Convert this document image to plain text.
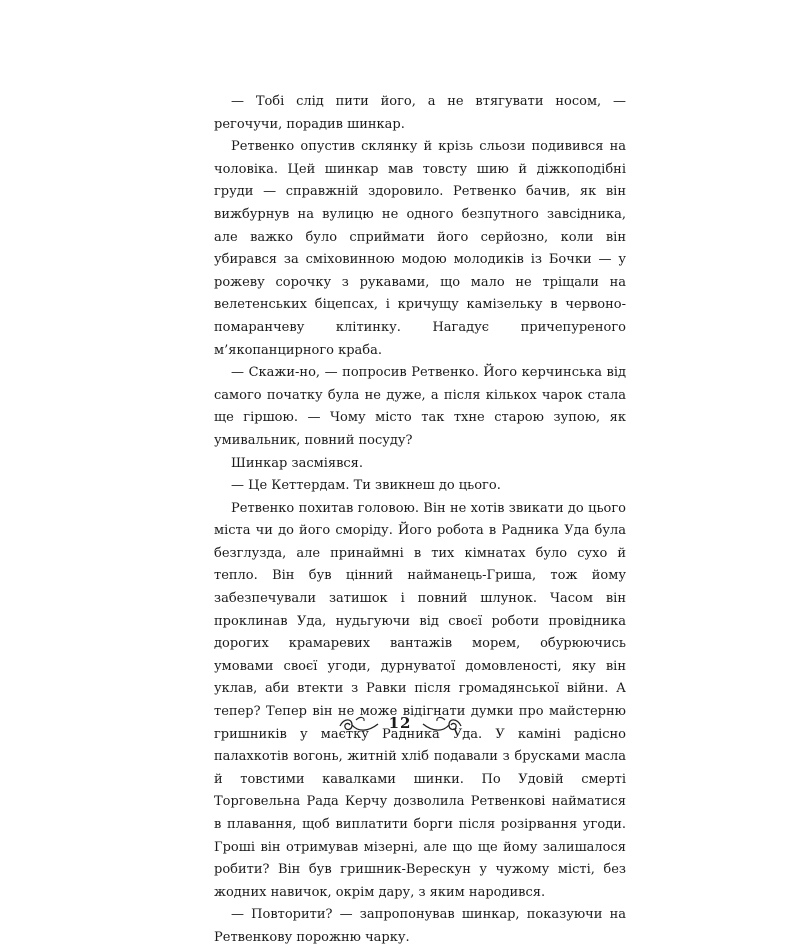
— Тобі слід пити його, а не втягувати носом, — регочучи, порадив шинкар.

Ретвенко опустив склянку й крізь сльози подивився на чоловіка. Цей шинкар мав товсту шию й діжкоподібні груди — справжній здоровило. Ретвенко бачив, як він вижбурнув на вулицю не одного безпутного завсідника, але важко було сприймати його серйозно, коли він убирався за сміховинною модою молодиків із Бочки — у рожеву сорочку з рукавами, що мало не тріщали на велетенських біцепсах, і кричущу камізельку в червоно-помаранчеву клітинку. Нагадує причепуреного м’якопанцирного краба.

— Скажи-но, — попросив Ретвенко. Його керчинська від самого початку була не дуже, а після кількох чарок стала ще гіршою. — Чому місто так тхне старою зупою, як умивальник, повний посуду?

Шинкар засміявся.

— Це Кеттердам. Ти звикнеш до цього.

Ретвенко похитав головою. Він не хотів звикати до цього міста чи до його сморіду. Його робота в Радника Уда була безглузда, але принаймні в тих кімнатах було сухо й тепло. Він був цінний найманець-Гриша, тож йому забезпечували затишок і повний шлунок. Часом він проклинав Уда, нудьгуючи від своєї роботи провідника дорогих крамаревих вантажів морем, обурюючись умовами своєї угоди, дурнуватої домовленості, яку він уклав, аби втекти з Равки після громадянської війни. А тепер? Тепер він не може відігнати думки про майстерню гришників у маєтку Радника Уда. У каміні радісно палахкотів вогонь, житній хліб подавали з брусками масла й товстими кавалками шинки. По Удовій смерті Торговельна Рада Керчу дозволила Ретвенкові найматися в плавання, щоб виплатити борги після розірвання угоди. Гроші він отримував мізерні, але що ще йому залишалося робити? Він був гришник-Верескун у чужому місті, без жодних навичок, окрім дару, з яким народився.

— Повторити? — запропонував шинкар, показуючи на Ретвенкову порожню чарку.

12
